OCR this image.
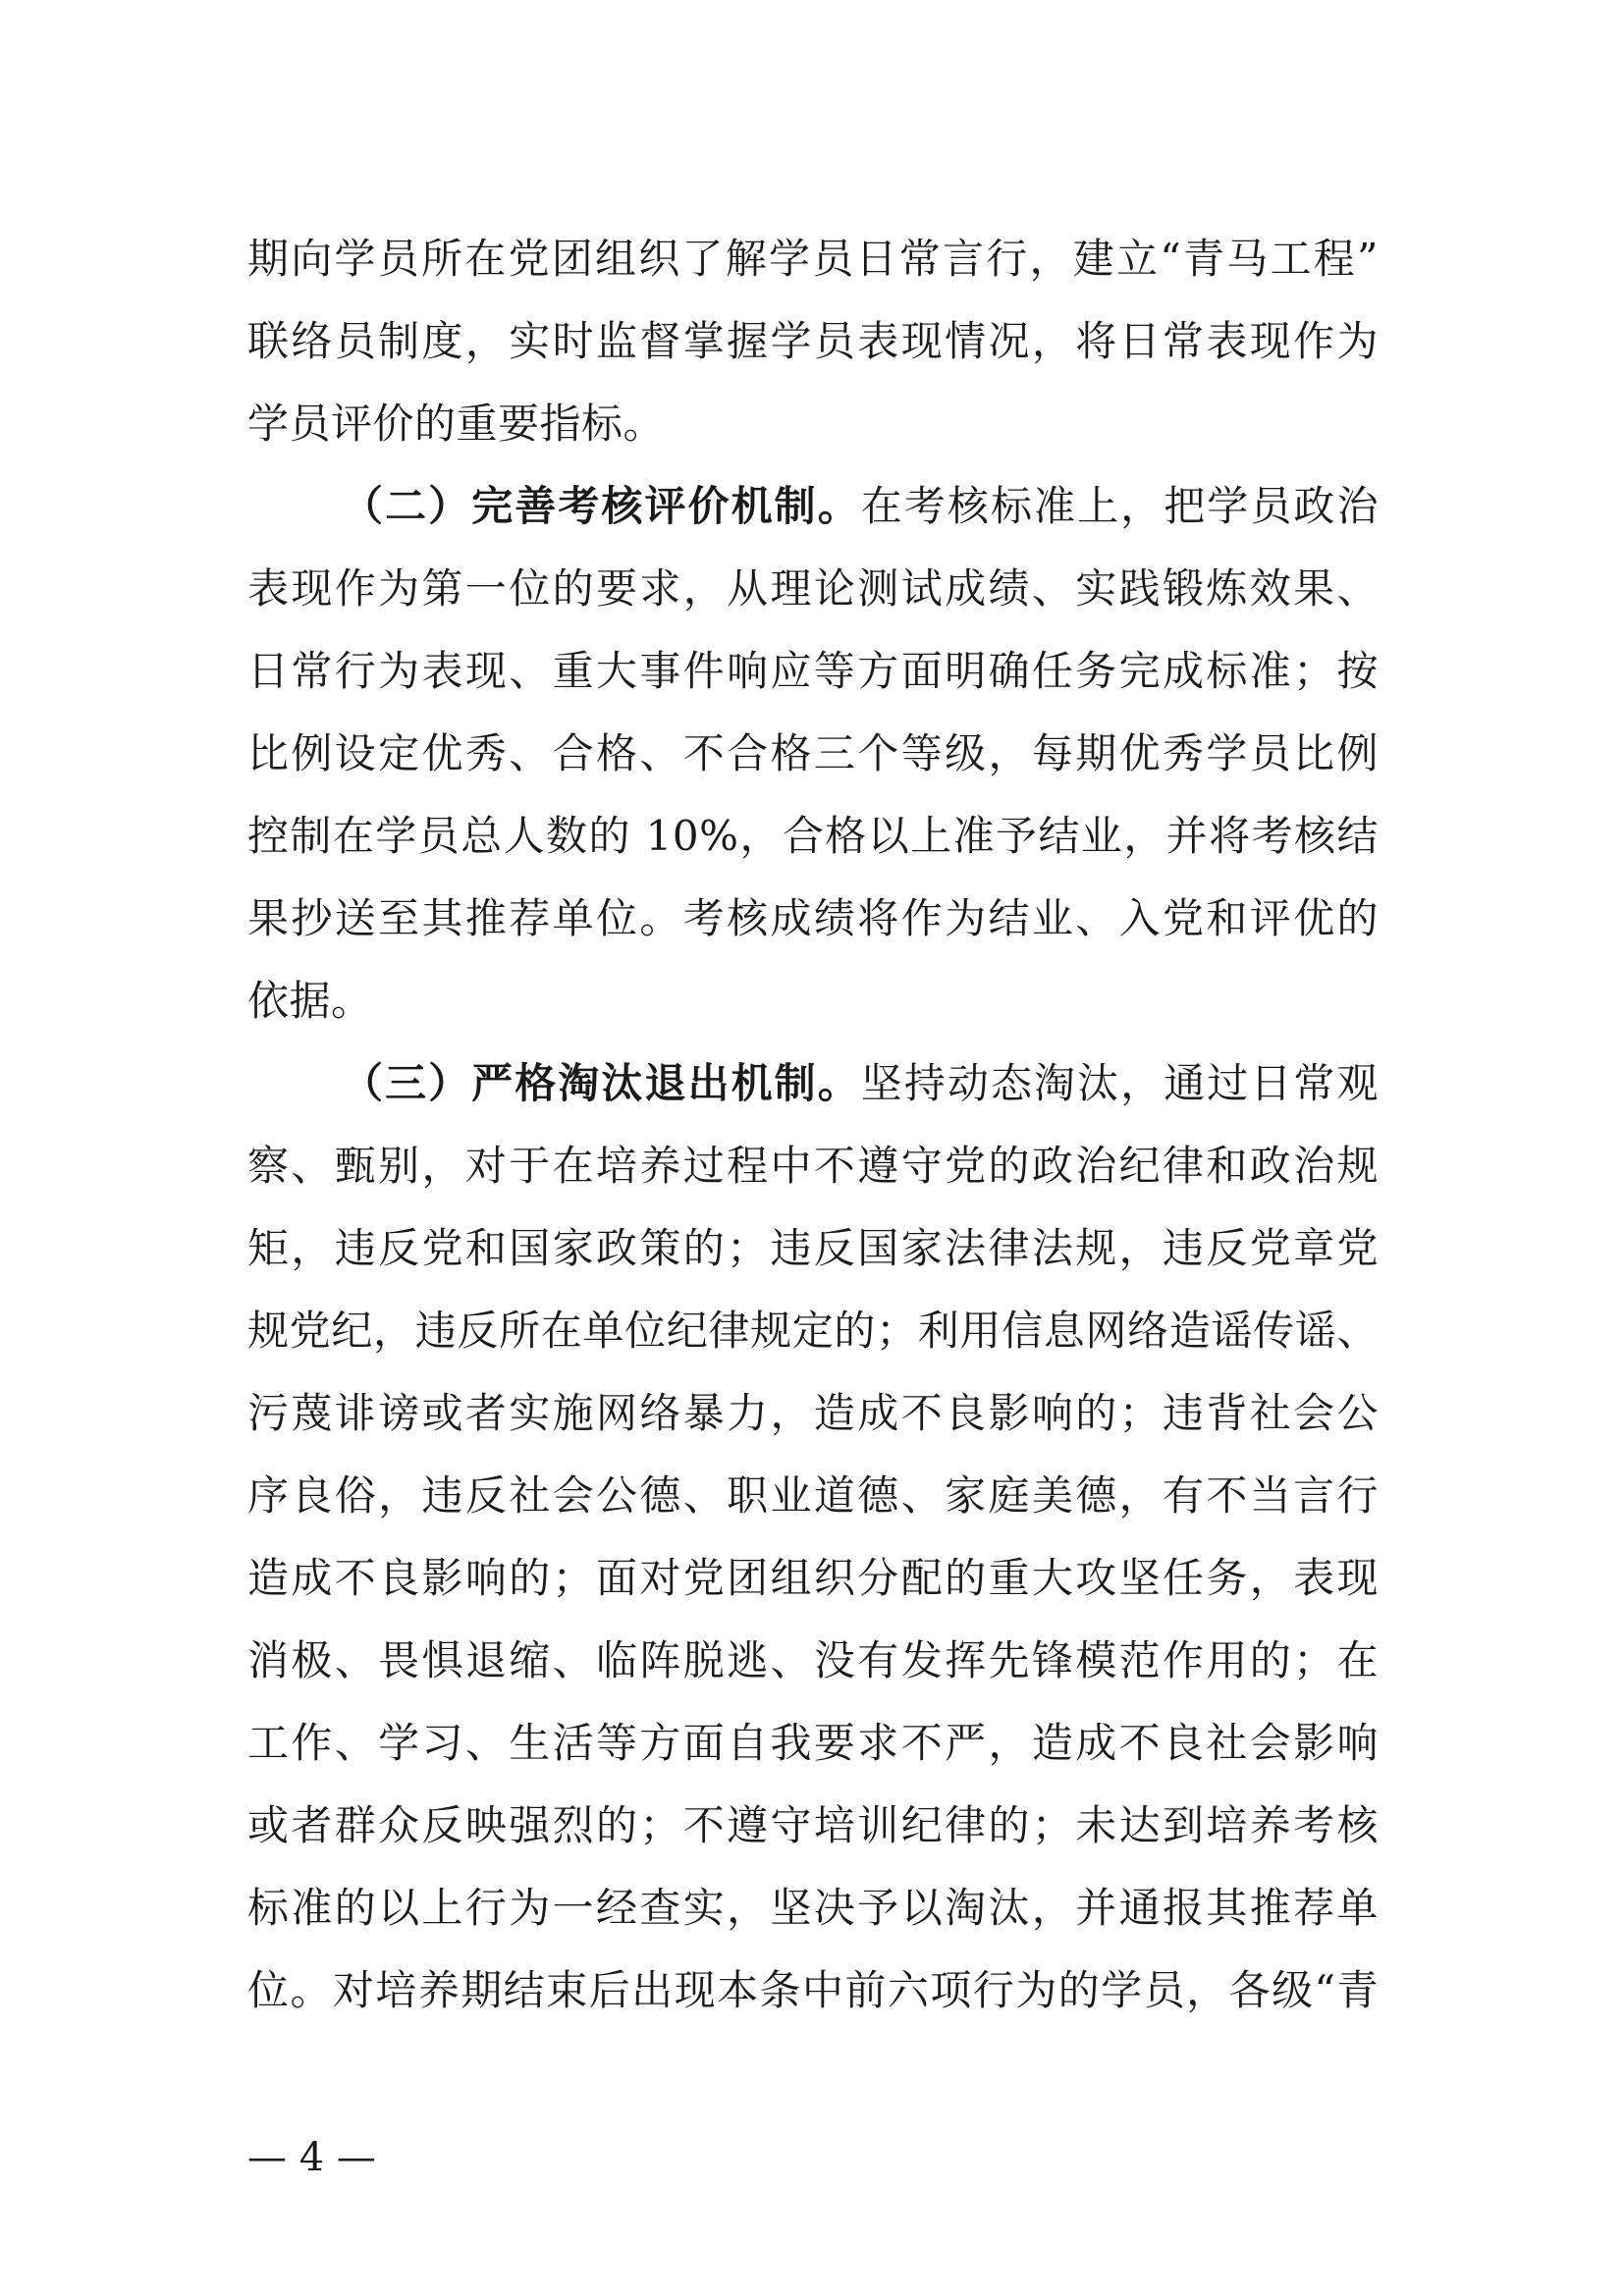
期向学员所在党团组织了解学员日常言行，建立“青马工程”
联络员制度，实时监督掌握学员表现情况，将日常表现作为
学员评价的重要指标。
（二）完善考核评价机制。在考核标准上，把学员政治
表现作为第一位的要求，从理论测试成绩、实践锻炼效果、
日常行为表现、重大事件响应等方面明确任务完成标准；按
比例设定优秀、合格、不合格三个等级，每期优秀学员比例
控制在学员总人数的 10%，合格以上准予结业，并将考核结
果抄送至其推荐单位。考核成绩将作为结业、入党和评优的
依据。
（三）严格淘汰退出机制。坚持动态淘汰，通过日常观
察、甄别，对于在培养过程中不遵守党的政治纪律和政治规
矩，违反党和国家政策的；违反国家法律法规，违反党章党
规党纪，违反所在单位纪律规定的；利用信息网络造谣传谣、
污蔑诽谤或者实施网络暴力，造成不良影响的；违背社会公
序良俗，违反社会公德、职业道德、家庭美德，有不当言行
造成不良影响的；面对党团组织分配的重大攻坚任务，表现
消极、畏惧退缩、临阵脱逃、没有发挥先锋模范作用的；在
工作、学习、生活等方面自我要求不严，造成不良社会影响
或者群众反映强烈的；不遵守培训纪律的；未达到培养考核
标准的以上行为一经查实，坚决予以淘汰，并通报其推荐单
位。对培养期结束后出现本条中前六项行为的学员，各级“青
— 4 —
